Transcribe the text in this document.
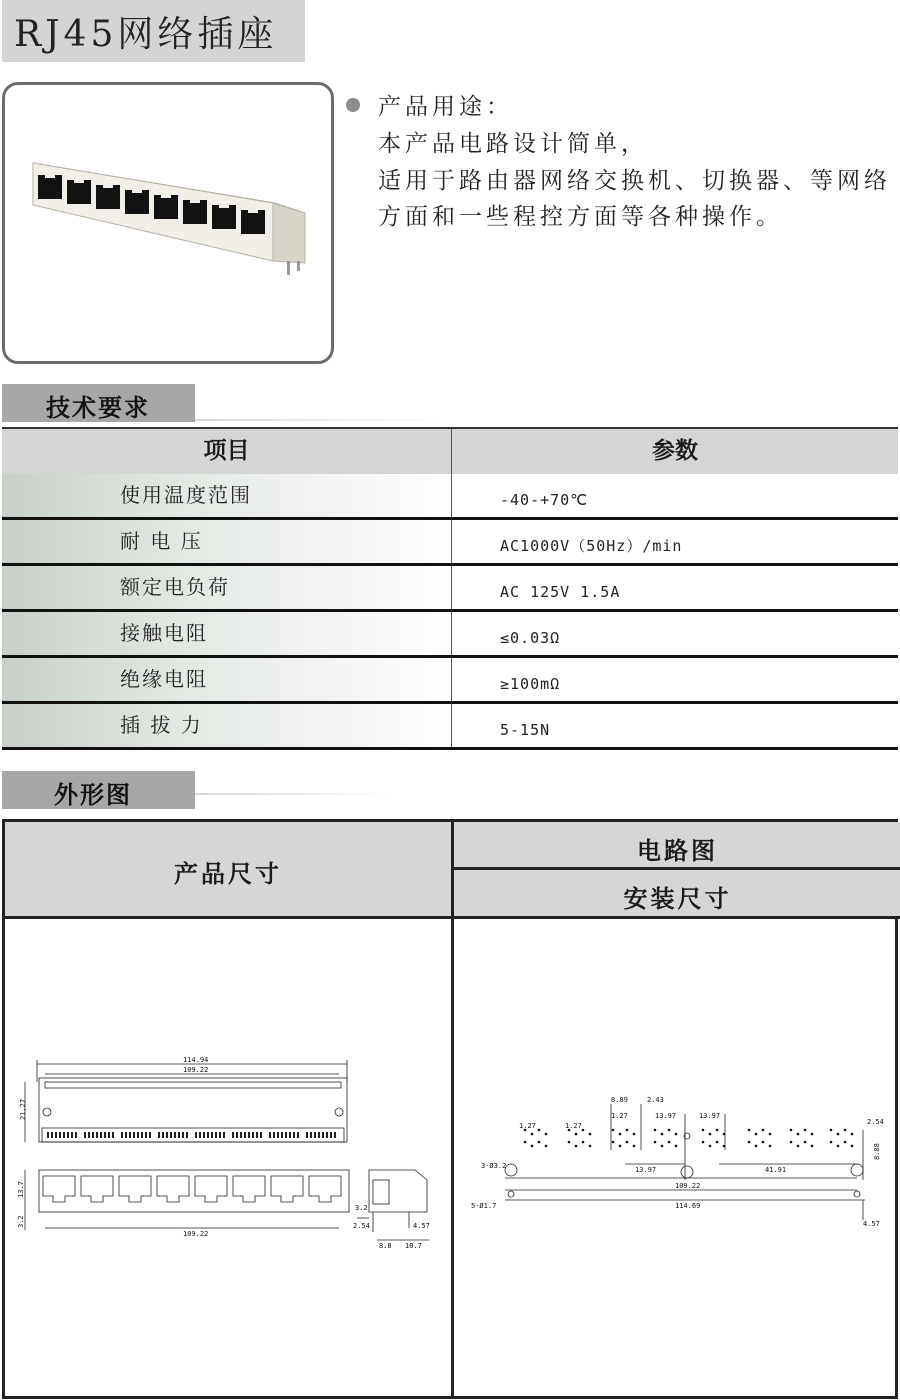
RJ45网络插座
产品用途：
本产品电路设计简单，
适用于路由器网络交换机、切换器、等网络
方面和一些程控方面等各种操作。
技术要求
项目	参数
使用温度范围	-40-+70℃
耐 电 压	AC1000V（50Hz）/min
额定电负荷	AC 125V 1.5A
接触电阻	≤0.03Ω
绝缘电阻	≥100mΩ
插 拔 力	5-15N
外形图
产品尺寸
电路图
安装尺寸
114.94
109.22
21.27
13.7
3.2
109.22
3.2
2.54	4.57
8.8 10.7
8.89	2.43
1.27	1.27
1.27	13.97	13.97
2.54
8.88
3-Ø3.2
5-Ø1.7
13.97	41.91
109.22
114.69
4.57
